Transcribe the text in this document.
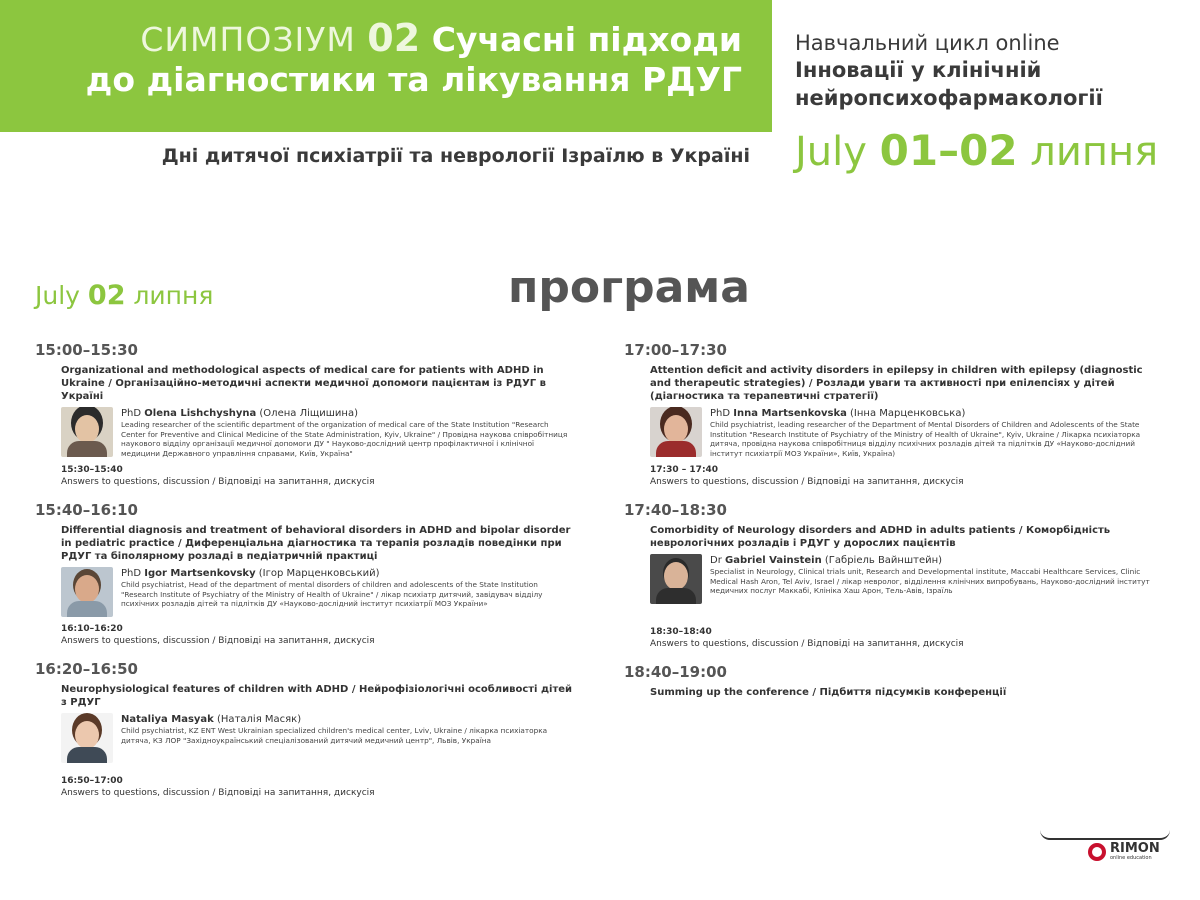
СИМПОЗІУМ 02 Сучасні підходи
до діагностики та лікування РДУГ
Дні дитячої психіатрії та неврології Ізраїлю в Україні
Навчальний цикл online
Інновації у клінічній
нейропсихофармакології
July 01–02 липня
July 02 липня	програма
15:00–15:30
Organizational and methodological aspects of medical care for patients with ADHD in Ukraine / Організаційно-методичні аспекти медичної допомоги пацієнтам із РДУГ в Україні
PhD Olena Lishchyshyna (Олена Ліщишина)
Leading researcher of the scientific department of the organization of medical care of the State Institution "Research Center for Preventive and Clinical Medicine of the State Administration, Kyiv, Ukraine" / Провідна наукова співробітниця наукового відділу організації медичної допомоги ДУ " Науково-дослідний центр профілактичної і клінічної медицини Державного управління справами, Київ, Україна"
15:30–15:40
Answers to questions, discussion / Відповіді на запитання, дискусія
15:40–16:10
Differential diagnosis and treatment of behavioral disorders in ADHD and bipolar disorder in pediatric practice / Диференціальна діагностика та терапія розладів поведінки при РДУГ та біполярному розладі в педіатричній практиці
PhD Igor Martsenkovsky (Ігор Марценковський)
Child psychiatrist, Head of the department of mental disorders of children and adolescents of the State Institution "Research Institute of Psychiatry of the Ministry of Health of Ukraine" / лікар психіатр дитячий, завідувач відділу психічних розладів дітей та підлітків ДУ «Науково-дослідний інститут психіатрії МОЗ України»
16:10–16:20
Answers to questions, discussion / Відповіді на запитання, дискусія
16:20–16:50
Neurophysiological features of children with ADHD / Нейрофізіологічні особливості дітей з РДУГ
Nataliya Masyak (Наталія Масяк)
Child psychiatrist, KZ ENT West Ukrainian specialized children's medical center, Lviv, Ukraine / лікарка психіаторка дитяча, КЗ ЛОР "Західноукраїнський спеціалізований дитячий медичний центр", Львів, Україна
16:50–17:00
Answers to questions, discussion / Відповіді на запитання, дискусія
17:00–17:30
Attention deficit and activity disorders in epilepsy in children with epilepsy (diagnostic and therapeutic strategies) / Розлади уваги та активності при епілепсіях у дітей (діагностика та терапевтичні стратегії)
PhD Inna Martsenkovska (Інна Марценковська)
Child psychiatrist, leading researcher of the Department of Mental Disorders of Children and Adolescents of the State Institution "Research Institute of Psychiatry of the Ministry of Health of Ukraine", Kyiv, Ukraine / Лікарка психіаторка дитяча, провідна наукова співробітниця відділу психічних розладів дітей та підлітків ДУ «Науково-дослідний інститут психіатрії МОЗ України», Київ, Україна)
17:30 – 17:40
Answers to questions, discussion / Відповіді на запитання, дискусія
17:40–18:30
Comorbidity of Neurology disorders and ADHD in adults patients / Коморбідність неврологічних розладів і РДУГ у дорослих пацієнтів
Dr Gabriel Vainstein (Габріель Вайнштейн)
Specialist in Neurology, Clinical trials unit, Research and Developmental institute, Maccabi Healthcare Services, Clinic Medical Hash Aron, Tel Aviv, Israel / лікар невролог, відділення клінічних випробувань, Науково-дослідний інститут медичних послуг Маккабі, Клініка Хаш Арон, Тель-Авів, Ізраїль
18:30–18:40
Answers to questions, discussion / Відповіді на запитання, дискусія
18:40–19:00
Summing up the conference / Підбиття підсумків конференції
RIMON
online education
